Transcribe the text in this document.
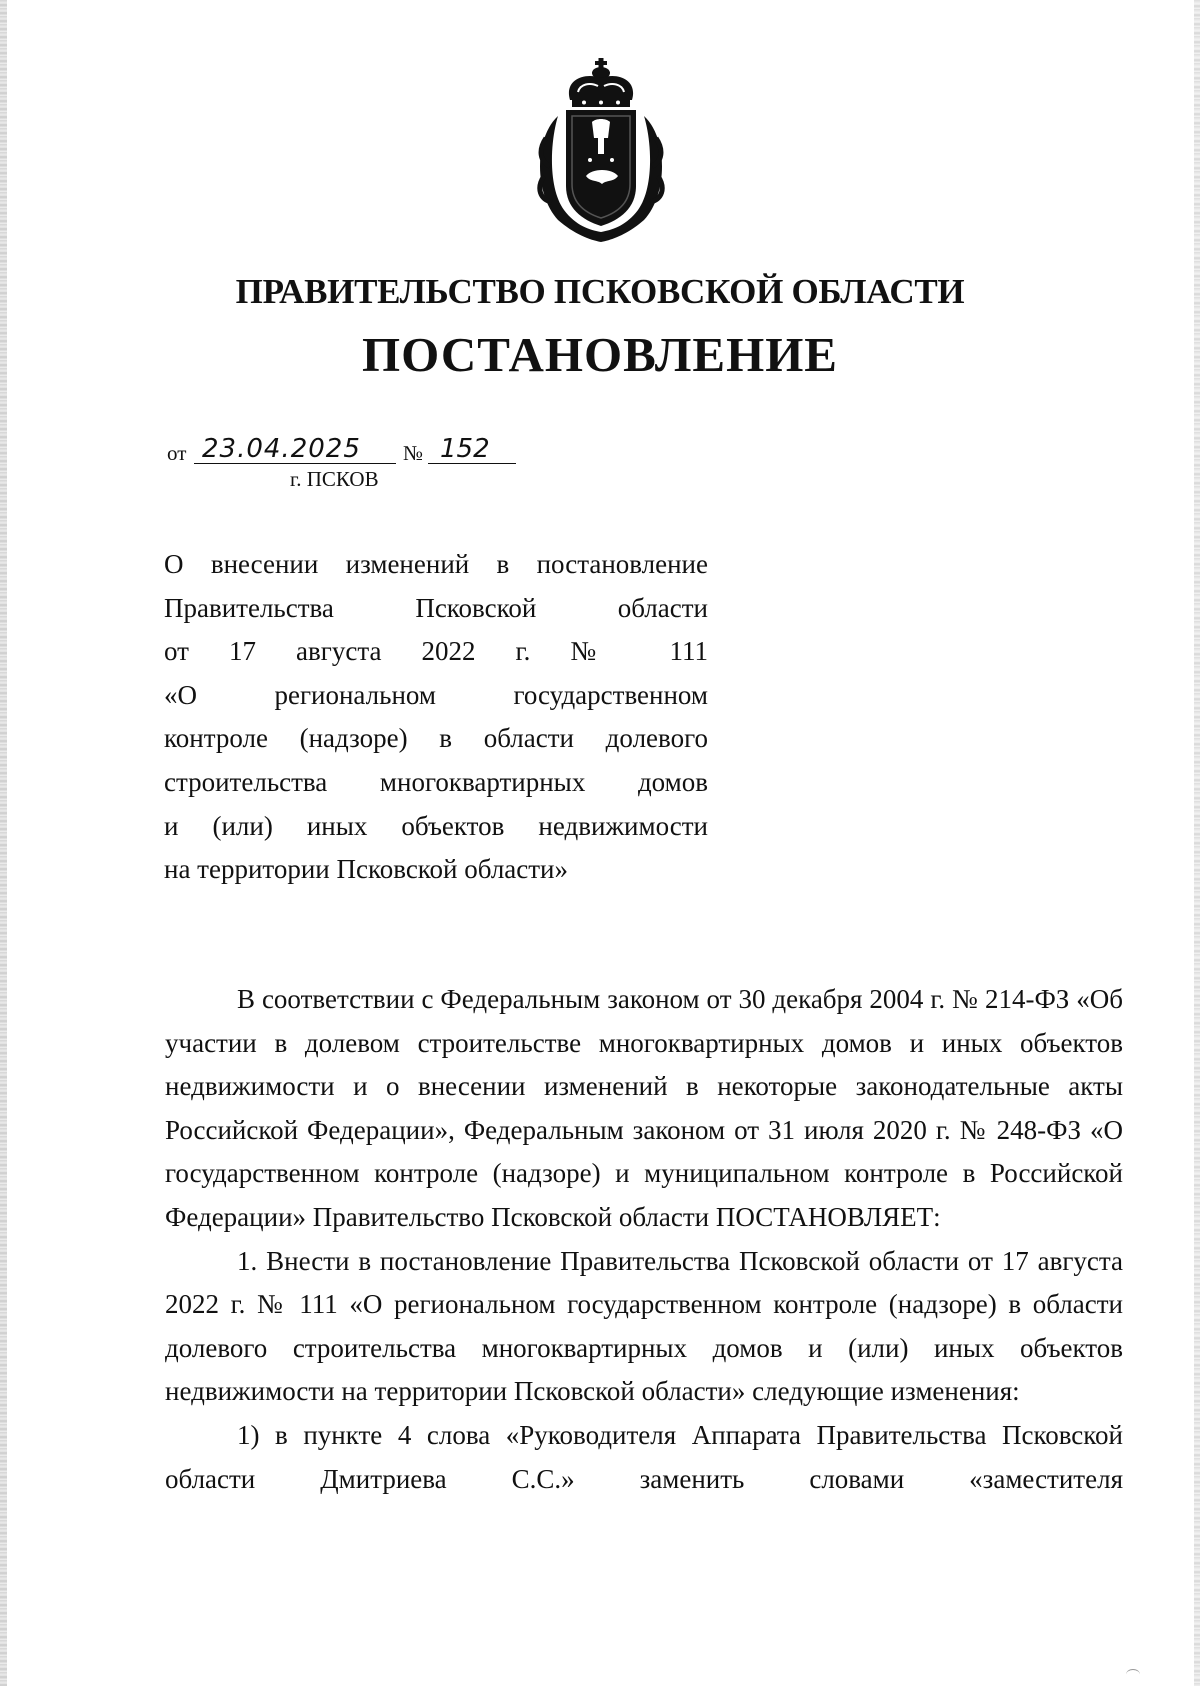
ПРАВИТЕЛЬСТВО ПСКОВСКОЙ ОБЛАСТИ
ПОСТАНОВЛЕНИЕ
от 23.04.2025	№ 152
г. ПСКОВ
О внесении изменений в постановление
Правительства Псковской области
от 17 августа 2022 г. № 111
«О региональном государственном
контроле (надзоре) в области долевого
строительства многоквартирных домов
и (или) иных объектов недвижимости
на территории Псковской области»

В соответствии с Федеральным законом от 30 декабря 2004 г. № 214-ФЗ «Об участии в долевом строительстве многоквартирных домов и иных объектов недвижимости и о внесении изменений в некоторые законодательные акты Российской Федерации», Федеральным законом от 31 июля 2020 г. № 248-ФЗ «О государственном контроле (надзоре) и муниципальном контроле в Российской Федерации» Правительство Псковской области ПОСТАНОВЛЯЕТ:

1. Внести в постановление Правительства Псковской области от 17 августа 2022 г. № 111 «О региональном государственном контроле (надзоре) в области долевого строительства многоквартирных домов и (или) иных объектов недвижимости на территории Псковской области» следующие изменения:

1) в пункте 4 слова «Руководителя Аппарата Правительства Псковской области Дмитриева С.С.» заменить словами «заместителя
